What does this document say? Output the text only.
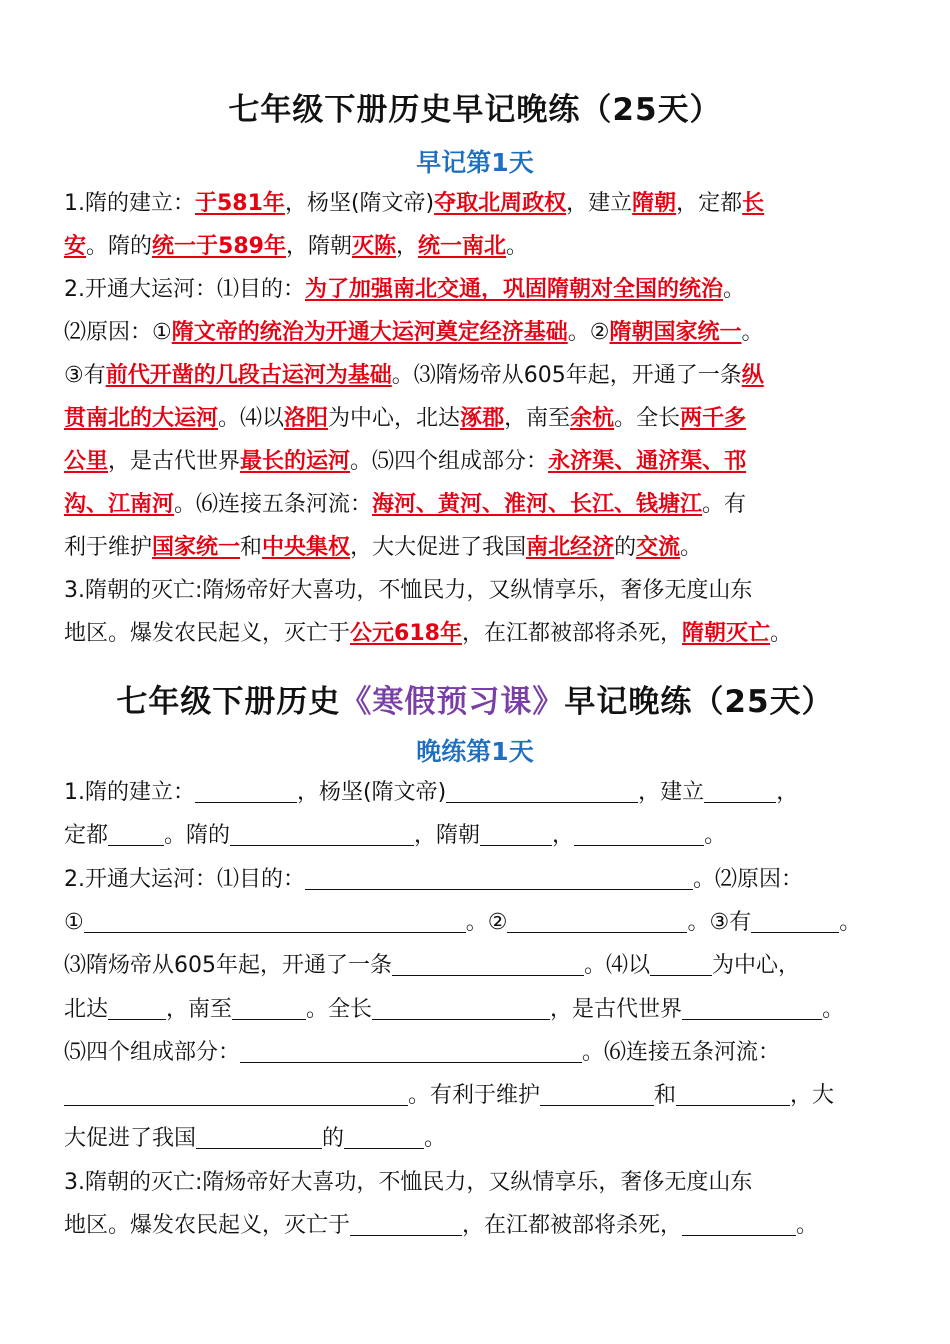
七年级下册历史早记晚练（25天）
早记第1天
1.隋的建立：于581年，杨坚(隋文帝)夺取北周政权，建立隋朝，定都长
安。隋的统一于589年，隋朝灭陈，统一南北。
2.开通大运河：⑴目的：为了加强南北交通，巩固隋朝对全国的统治。
⑵原因：①隋文帝的统治为开通大运河奠定经济基础。②隋朝国家统一。
③有前代开凿的几段古运河为基础。⑶隋炀帝从605年起，开通了一条纵
贯南北的大运河。⑷以洛阳为中心，北达涿郡，南至余杭。全长两千多
公里，是古代世界最长的运河。⑸四个组成部分：永济渠、通济渠、邗
沟、江南河。⑹连接五条河流：海河、黄河、淮河、长江、钱塘江。有
利于维护国家统一和中央集权，大大促进了我国南北经济的交流。
3.隋朝的灭亡:隋炀帝好大喜功，不恤民力，又纵情享乐，奢侈无度山东
地区。爆发农民起义，灭亡于公元618年，在江都被部将杀死，隋朝灭亡。
七年级下册历史《寒假预习课》早记晚练（25天）
晚练第1天
1.隋的建立：	，杨坚(隋文帝)	，建立	，
定都	。隋的	，隋朝	，	。
2.开通大运河：⑴目的：	。⑵原因：
①	。②	。③有	。
⑶隋炀帝从605年起，开通了一条	。⑷以	为中心，
北达	，南至	。全长	，是古代世界	。
⑸四个组成部分：	。⑹连接五条河流：
。有利于维护	和	，大
大促进了我国	的	。
3.隋朝的灭亡:隋炀帝好大喜功，不恤民力，又纵情享乐，奢侈无度山东
地区。爆发农民起义，灭亡于	，在江都被部将杀死，	。
